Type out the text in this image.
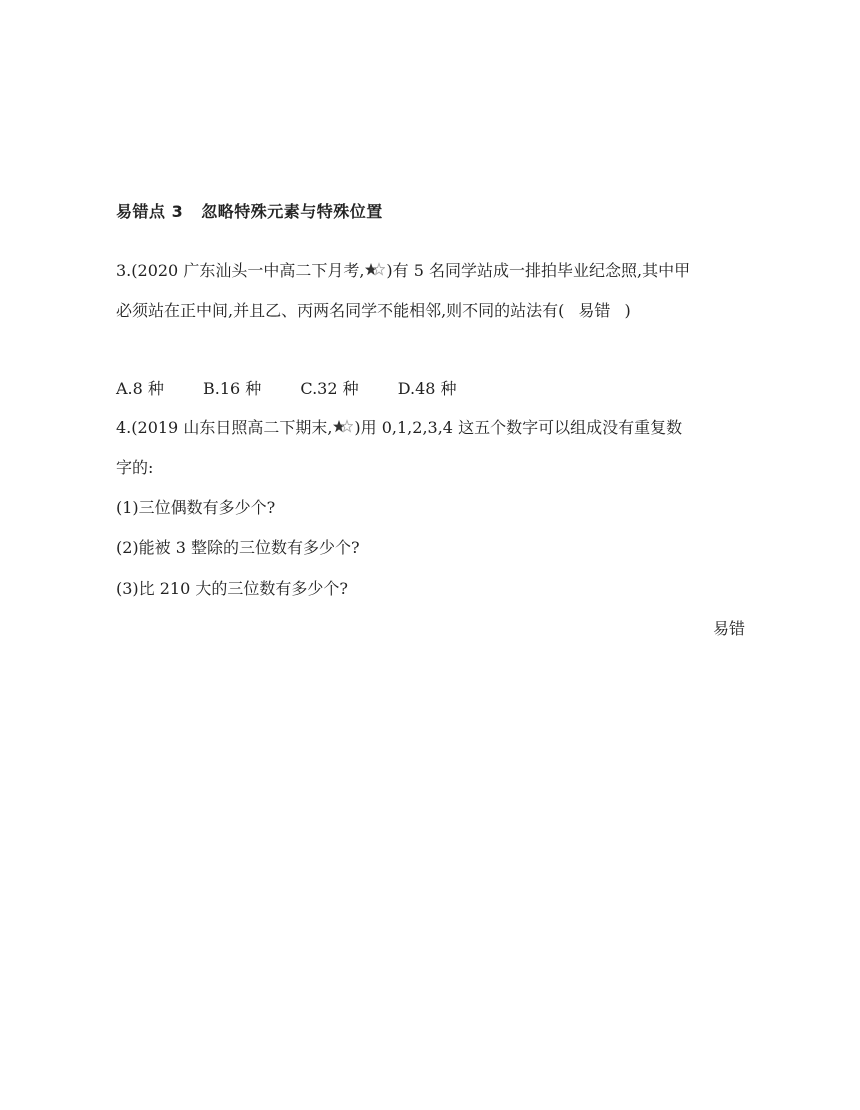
易错点 3 忽略特殊元素与特殊位置
3.(2020 广东汕头一中高二下月考, )有 5 名同学站成一排拍毕业纪念照,其中甲
必须站在正中间,并且乙、丙两名同学不能相邻,则不同的站法有( 易错 )
A.8 种 B.16 种 C.32 种 D.48 种
4.(2019 山东日照高二下期末, )用 0,1,2,3,4 这五个数字可以组成没有重复数
字的:
(1)三位偶数有多少个?
(2)能被 3 整除的三位数有多少个?
(3)比 210 大的三位数有多少个?
易错
